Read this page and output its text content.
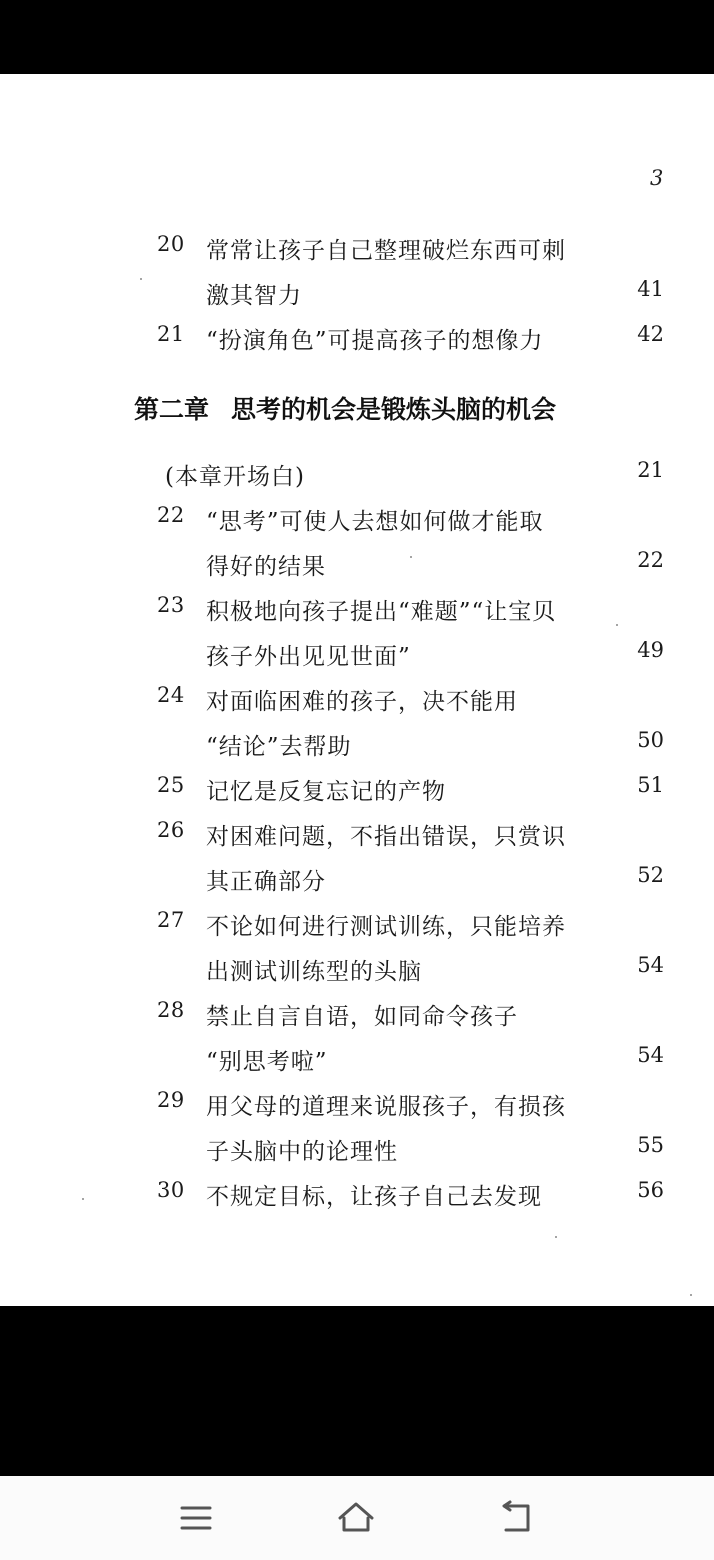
3
20 常常让孩子自己整理破烂东西可刺
激其智力	41
21 “扮演角色”可提高孩子的想像力	42
第二章 思考的机会是锻炼头脑的机会
(本章开场白)	21
22 “思考”可使人去想如何做才能取
得好的结果	22
23 积极地向孩子提出“难题”“让宝贝
孩子外出见见世面”	49
24 对面临困难的孩子，决不能用
“结论”去帮助	50
25 记忆是反复忘记的产物	51
26 对困难问题，不指出错误，只赏识
其正确部分	52
27 不论如何进行测试训练，只能培养
出测试训练型的头脑	54
28 禁止自言自语，如同命令孩子
“别思考啦”	54
29 用父母的道理来说服孩子，有损孩
子头脑中的论理性	55
30 不规定目标，让孩子自己去发现	56
